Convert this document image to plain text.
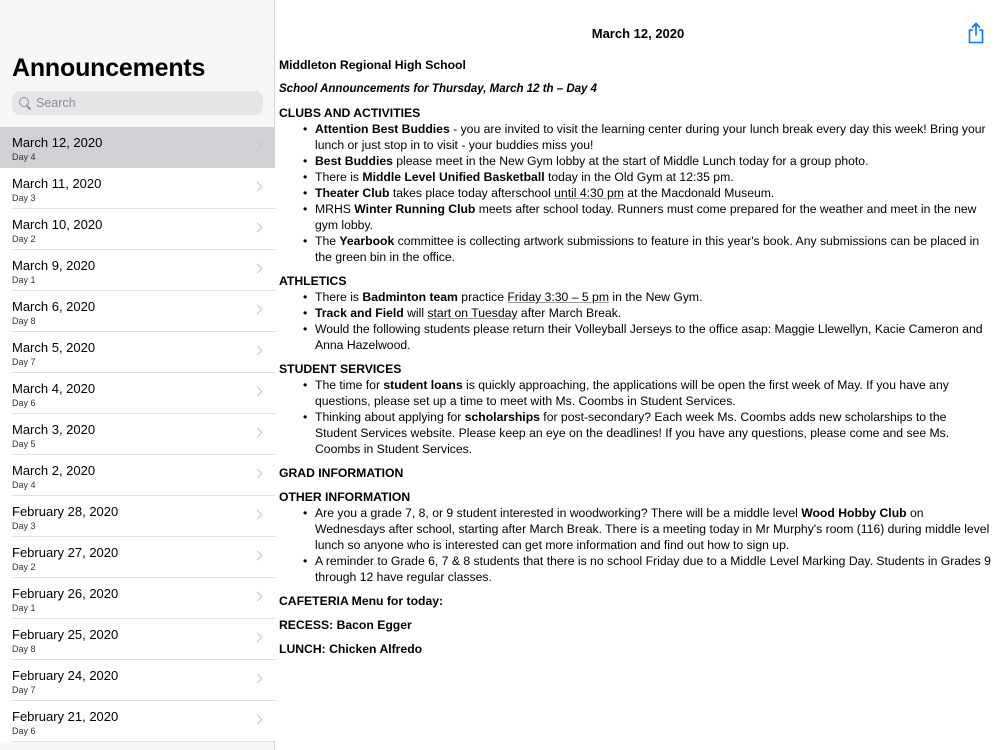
Announcements
Search
March 12, 2020
Day 4
March 11, 2020
Day 3
March 10, 2020
Day 2
March 9, 2020
Day 1
March 6, 2020
Day 8
March 5, 2020
Day 7
March 4, 2020
Day 6
March 3, 2020
Day 5
March 2, 2020
Day 4
February 28, 2020
Day 3
February 27, 2020
Day 2
February 26, 2020
Day 1
February 25, 2020
Day 8
February 24, 2020
Day 7
February 21, 2020
Day 6
March 12, 2020

Middleton Regional High School

School Announcements for Thursday, March 12 th – Day 4

CLUBS AND ACTIVITIES

• Attention Best Buddies - you are invited to visit the learning center during your lunch break every day this week! Bring your lunch or just stop in to visit - your buddies miss you!
• Best Buddies please meet in the New Gym lobby at the start of Middle Lunch today for a group photo.
• There is Middle Level Unified Basketball today in the Old Gym at 12:35 pm.
• Theater Club takes place today afterschool until 4:30 pm at the Macdonald Museum.
• MRHS Winter Running Club meets after school today. Runners must come prepared for the weather and meet in the new gym lobby.
• The Yearbook committee is collecting artwork submissions to feature in this year's book. Any submissions can be placed in the green bin in the office.

ATHLETICS

• There is Badminton team practice Friday 3:30 – 5 pm in the New Gym.
• Track and Field will start on Tuesday after March Break.
• Would the following students please return their Volleyball Jerseys to the office asap: Maggie Llewellyn, Kacie Cameron and Anna Hazelwood.

STUDENT SERVICES

• The time for student loans is quickly approaching, the applications will be open the first week of May. If you have any questions, please set up a time to meet with Ms. Coombs in Student Services.
• Thinking about applying for scholarships for post-secondary? Each week Ms. Coombs adds new scholarships to the Student Services website. Please keep an eye on the deadlines! If you have any questions, please come and see Ms. Coombs in Student Services.

GRAD INFORMATION

OTHER INFORMATION

• Are you a grade 7, 8, or 9 student interested in woodworking? There will be a middle level Wood Hobby Club on Wednesdays after school, starting after March Break. There is a meeting today in Mr Murphy's room (116) during middle level lunch so anyone who is interested can get more information and find out how to sign up.
• A reminder to Grade 6, 7 & 8 students that there is no school Friday due to a Middle Level Marking Day. Students in Grades 9 through 12 have regular classes.

CAFETERIA Menu for today:

RECESS: Bacon Egger

LUNCH: Chicken Alfredo
